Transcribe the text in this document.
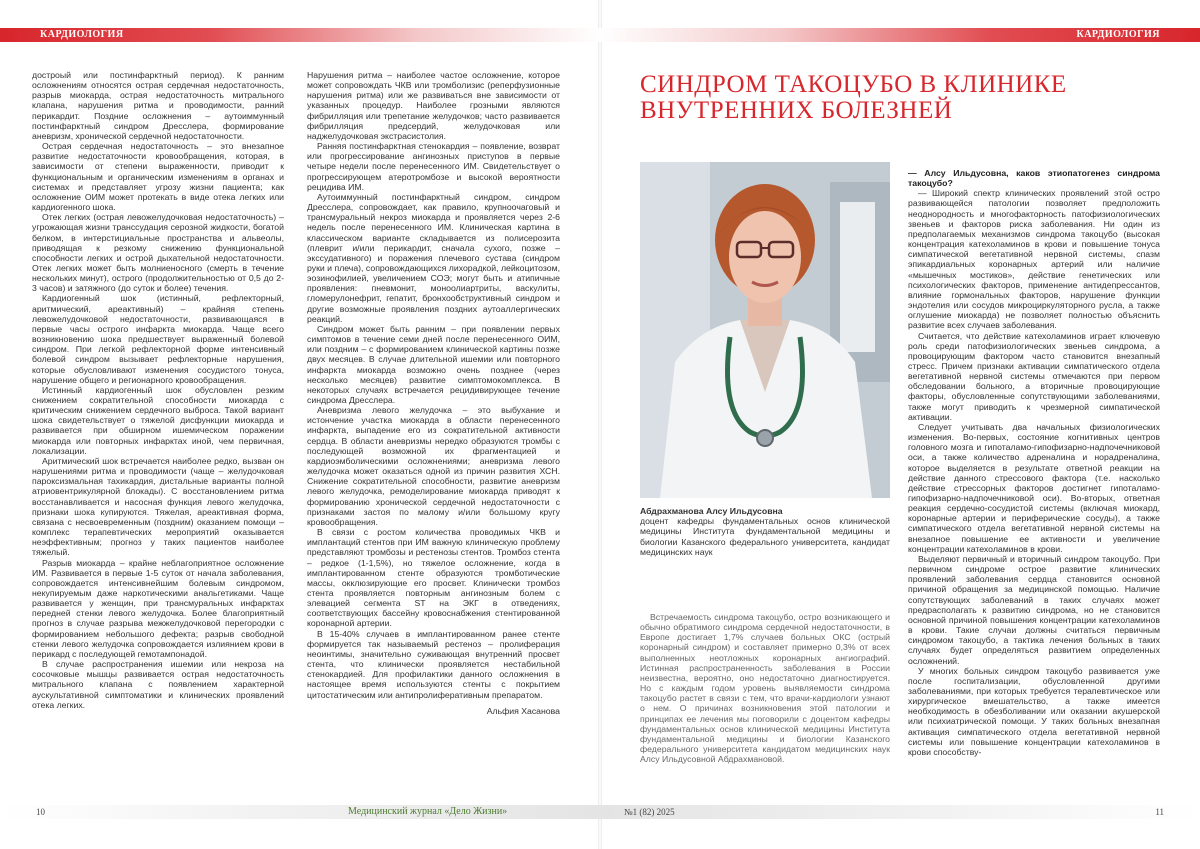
КАРДИОЛОГИЯ

достроый или постинфарктный период). К ранним осложнениям относятся острая сердечная недостаточность, разрыв миокарда, острая недостаточность митрального клапана, нарушения ритма и проводимости, ранний перикардит. Поздние осложнения – аутоиммунный постинфарктный синдром Дресслера, формирование аневризм, хронической сердечной недостаточности.

Острая сердечная недостаточность – это внезапное развитие недостаточности кровообращения, которая, в зависимости от степени выраженности, приводит к функциональным и органическим изменениям в органах и системах и представляет угрозу жизни пациента; как осложнение ОИМ может протекать в виде отека легких или кардиогенного шока.

Отек легких (острая левожелудочковая недостаточность) – угрожающая жизни транссудация серозной жидкости, богатой белком, в интерстициальные пространства и альвеолы, приводящая к резкому снижению функциональной способности легких и острой дыхательной недостаточности. Отек легких может быть молниеносного (смерть в течение нескольких минут), острого (продолжительностью от 0,5 до 2-3 часов) и затяжного (до суток и более) течения.

Кардиогенный шок (истинный, рефлекторный, аритмический, ареактивный) – крайняя степень левожелудочковой недостаточности, развивающаяся в первые часы острого инфаркта миокарда. Чаще всего возникновению шока предшествует выраженный болевой синдром. При легкой рефлекторной форме интенсивный болевой синдром вызывает рефлекторные нарушения, которые обусловливают изменения сосудистого тонуса, нарушение общего и регионарного кровообращения.

Истинный кардиогенный шок обусловлен резким снижением сократительной способности миокарда с критическим снижением сердечного выброса. Такой вариант шока свидетельствует о тяжелой дисфункции миокарда и развивается при обширном ишемическом поражении миокарда или повторных инфарктах иной, чем первичная, локализации.

Аритмический шок встречается наиболее редко, вызван он нарушениями ритма и проводимости (чаще – желудочковая пароксизмальная тахикардия, дистальные варианты полной атриовентрикулярной блокады). С восстановлением ритма восстанавливается и насосная функция левого желудочка, признаки шока купируются. Тяжелая, ареактивная форма, связана с несвоевременным (поздним) оказанием помощи – комплекс терапевтических мероприятий оказывается неэффективным; прогноз у таких пациентов наиболее тяжелый.

Разрыв миокарда – крайне неблагоприятное осложнение ИМ. Развивается в первые 1-5 суток от начала заболевания, сопровождается интенсивнейшим болевым синдромом, некупируемым даже наркотическими анальгетиками. Чаще развивается у женщин, при трансмуральных инфарктах передней стенки левого желудочка. Более благоприятный прогноз в случае разрыва межжелудочковой перегородки с формированием небольшого дефекта; разрыв свободной стенки левого желудочка сопровождается излиянием крови в перикард с последующей гемотампонадой.

В случае распространения ишемии или некроза на сосочковые мышцы развивается острая недостаточность митрального клапана с появлением характерной аускультативной симптоматики и клинических проявлений отека легких.

Нарушения ритма – наиболее частое осложнение, которое может сопровождать ЧКВ или тромболизис (реперфузионные нарушения ритма) или же развиваться вне зависимости от указанных процедур. Наиболее грозными являются фибрилляция или трепетание желудочков; часто развивается фибрилляция предсердий, желудочковая или наджелудочковая экстрасистолия.

Ранняя постинфарктная стенокардия – появление, возврат или прогрессирование ангинозных приступов в первые четыре недели после перенесенного ИМ. Свидетельствует о прогрессирующем атеротромбозе и высокой вероятности рецидива ИМ.

Аутоиммунный постинфарктный синдром, синдром Дресслера, сопровождает, как правило, крупноочаговый и трансмуральный некроз миокарда и проявляется через 2-6 недель после перенесенного ИМ. Клиническая картина в классическом варианте складывается из полисерозита (плеврит и/или перикардит, сначала сухого, позже – экссудативного) и поражения плечевого сустава (синдром руки и плеча), сопровождающихся лихорадкой, лейкоцитозом, эозинофилией, увеличением СОЭ; могут быть и атипичные проявления: пневмонит, моноолиартриты, васкулиты, гломерулонефрит, гепатит, бронхообструктивный синдром и другие возможные проявления поздних аутоаллергических реакций.

Синдром может быть ранним – при появлении первых симптомов в течение семи дней после перенесенного ОИМ, или поздним – с формированием клинической картины позже двух месяцев. В случае длительной ишемии или повторного инфаркта миокарда возможно очень позднее (через несколько месяцев) развитие симптомокомплекса. В некоторых случаях встречается рецидивирующее течение синдрома Дресслера.

Аневризма левого желудочка – это выбухание и истончение участка миокарда в области перенесенного инфаркта, выпадение его из сократительной активности сердца. В области аневризмы нередко образуются тромбы с последующей возможной их фрагментацией и кардиоэмболическими осложнениями; аневризма левого желудочка может оказаться одной из причин развития ХСН. Снижение сократительной способности, развитие аневризм левого желудочка, ремоделирование миокарда приводят к формированию хронической сердечной недостаточности с признаками застоя по малому и/или большому кругу кровообращения.

В связи с ростом количества проводимых ЧКВ и имплантаций стентов при ИМ важную клиническую проблему представляют тромбозы и рестенозы стентов. Тромбоз стента – редкое (1-1,5%), но тяжелое осложнение, когда в имплантированном стенте образуются тромботические массы, окклюзирующие его просвет. Клинически тромбоз стента проявляется повторным ангинозным болем с элевацией сегмента ST на ЭКГ в отведениях, соответствующих бассейну кровоснабжения стентированной коронарной артерии.

В 15-40% случаев в имплантированном ранее стенте формируется так называемый рестеноз – пролиферация неоинтимы, значительно суживающая внутренний просвет стента, что клинически проявляется нестабильной стенокардией. Для профилактики данного осложнения в настоящее время используются стенты с покрытием цитостатическим или антипролиферативным препаратом.

Альфия Хасанова

10	Медицинский журнал «Дело Жизни»
КАРДИОЛОГИЯ
СИНДРОМ ТАКОЦУБО В КЛИНИКЕ ВНУТРЕННИХ БОЛЕЗНЕЙ
Абдрахманова Алсу Ильдусовна
доцент кафедры фундаментальных основ клинической медицины Института фундаментальной медицины и биологии Казанского федерального университета, кандидат медицинских наук

Встречаемость синдрома такоцубо, остро возникающего и обычно обратимого синдрома сердечной недостаточности, в Европе достигает 1,7% случаев больных ОКС (острый коронарный синдром) и составляет примерно 0,3% от всех выполненных неотложных коронарных ангиографий. Истинная распространенность заболевания в России неизвестна, вероятно, оно недостаточно диагностируется. Но с каждым годом уровень выявляемости синдрома такоцубо растет в связи с тем, что врачи-кардиологи узнают о нем. О причинах возникновения этой патологии и принципах ее лечения мы поговорили с доцентом кафедры фундаментальных основ клинической медицины Института фундаментальной медицины и биологии Казанского федерального университета кандидатом медицинских наук Алсу Ильдусовной Абдрахмановой.

— Алсу Ильдусовна, каков этиопатогенез синдрома такоцубо?

— Широкий спектр клинических проявлений этой остро развивающейся патологии позволяет предположить неоднородность и многофакторность патофизиологических звеньев и факторов риска заболевания. Ни один из предполагаемых механизмов синдрома такоцубо (высокая концентрация катехоламинов в крови и повышение тонуса симпатической вегетативной нервной системы, спазм эпикардиальных коронарных артерий или наличие «мышечных мостиков», действие генетических или психологических факторов, применение антидепрессантов, влияние гормональных факторов, нарушение функции эндотелия или сосудов микроциркуляторного русла, а также оглушение миокарда) не позволяет полностью объяснить развитие всех случаев заболевания.

Считается, что действие катехоламинов играет ключевую роль среди патофизиологических звеньев синдрома, а провоцирующим фактором часто становится внезапный стресс. Причем признаки активации симпатического отдела вегетативной нервной системы отмечаются при первом обследовании больного, а вторичные провоцирующие факторы, обусловленные сопутствующими заболеваниями, также могут приводить к чрезмерной симпатической активации.

Следует учитывать два начальных физиологических изменения. Во-первых, состояние когнитивных центров головного мозга и гипоталамо-гипофизарно-надпочечниковой оси, а также количество адреналина и норадреналина, которое выделяется в результате ответной реакции на действие данного стрессового фактора (т.е. насколько действие стрессорных факторов достигнет гипоталамо-гипофизарно-надпочечниковой оси). Во-вторых, ответная реакция сердечно-сосудистой системы (включая миокард, коронарные артерии и периферические сосуды), а также симпатического отдела вегетативной нервной системы на внезапное повышение ее активности и увеличение концентрации катехоламинов в крови.

Выделяют первичный и вторичный синдром такоцубо. При первичном синдроме острое развитие клинических проявлений заболевания сердца становится основной причиной обращения за медицинской помощью. Наличие сопутствующих заболеваний в таких случаях может предрасполагать к развитию синдрома, но не становится основной причиной повышения концентрации катехоламинов в крови. Такие случаи должны считаться первичным синдромом такоцубо, а тактика лечения больных в таких случаях будет определяться развитием определенных осложнений.

У многих больных синдром такоцубо развивается уже после госпитализации, обусловленной другими заболеваниями, при которых требуется терапевтическое или хирургическое вмешательство, а также имеется необходимость в обезболивании или оказании акушерской или психиатрической помощи. У таких больных внезапная активация симпатического отдела вегетативной нервной системы или повышение концентрации катехоламинов в крови способству-

№1 (82) 2025	11
